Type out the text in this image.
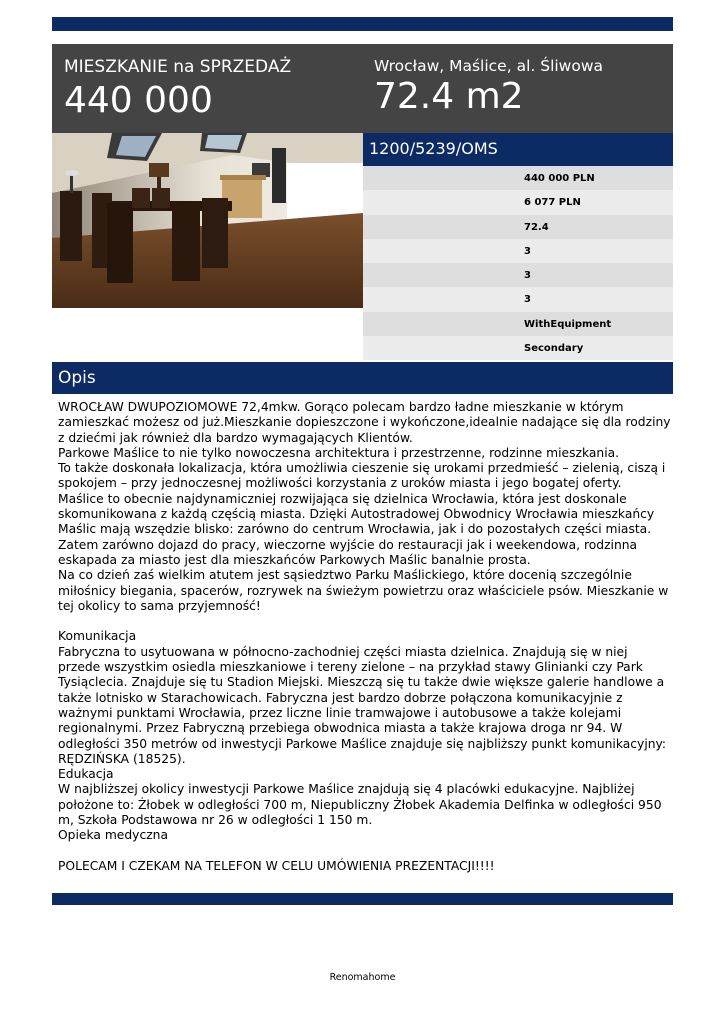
MIESZKANIE na SPRZEDAŻ
440 000
Wrocław, Maślice, al. Śliwowa
72.4 m2
1200/5239/OMS
440 000 PLN
6 077 PLN
72.4
3
3
3
WithEquipment
Secondary
Opis
WROCŁAW DWUPOZIOMOWE 72,4mkw. Gorąco polecam bardzo ładne mieszkanie w którym
zamieszkać możesz od już.Mieszkanie dopieszczone i wykończone,idealnie nadające się dla rodziny
z dziećmi jak również dla bardzo wymagających Klientów.
Parkowe Maślice to nie tylko nowoczesna architektura i przestrzenne, rodzinne mieszkania.
To także doskonała lokalizacja, która umożliwia cieszenie się urokami przedmieść – zielenią, ciszą i
spokojem – przy jednoczesnej możliwości korzystania z uroków miasta i jego bogatej oferty.
Maślice to obecnie najdynamiczniej rozwijająca się dzielnica Wrocławia, która jest doskonale
skomunikowana z każdą częścią miasta. Dzięki Autostradowej Obwodnicy Wrocławia mieszkańcy
Maślic mają wszędzie blisko: zarówno do centrum Wrocławia, jak i do pozostałych części miasta.
Zatem zarówno dojazd do pracy, wieczorne wyjście do restauracji jak i weekendowa, rodzinna
eskapada za miasto jest dla mieszkańców Parkowych Maślic banalnie prosta.
Na co dzień zaś wielkim atutem jest sąsiedztwo Parku Maślickiego, które docenią szczególnie
miłośnicy biegania, spacerów, rozrywek na świeżym powietrzu oraz właściciele psów. Mieszkanie w
tej okolicy to sama przyjemność!

Komunikacja
Fabryczna to usytuowana w północno-zachodniej części miasta dzielnica. Znajdują się w niej
przede wszystkim osiedla mieszkaniowe i tereny zielone – na przykład stawy Glinianki czy Park
Tysiąclecia. Znajduje się tu Stadion Miejski. Mieszczą się tu także dwie większe galerie handlowe a
także lotnisko w Starachowicach. Fabryczna jest bardzo dobrze połączona komunikacyjnie z
ważnymi punktami Wrocławia, przez liczne linie tramwajowe i autobusowe a także kolejami
regionalnymi. Przez Fabryczną przebiega obwodnica miasta a także krajowa droga nr 94. W
odległości 350 metrów od inwestycji Parkowe Maślice znajduje się najbliższy punkt komunikacyjny:
RĘDZIŃSKA (18525).
Edukacja
W najbliższej okolicy inwestycji Parkowe Maślice znajdują się 4 placówki edukacyjne. Najbliżej
położone to: Żłobek w odległości 700 m, Niepubliczny Żłobek Akademia Delfinka w odległości 950
m, Szkoła Podstawowa nr 26 w odległości 1 150 m.
Opieka medyczna

POLECAM I CZEKAM NA TELEFON W CELU UMÓWIENIA PREZENTACJI!!!!
Renomahome
